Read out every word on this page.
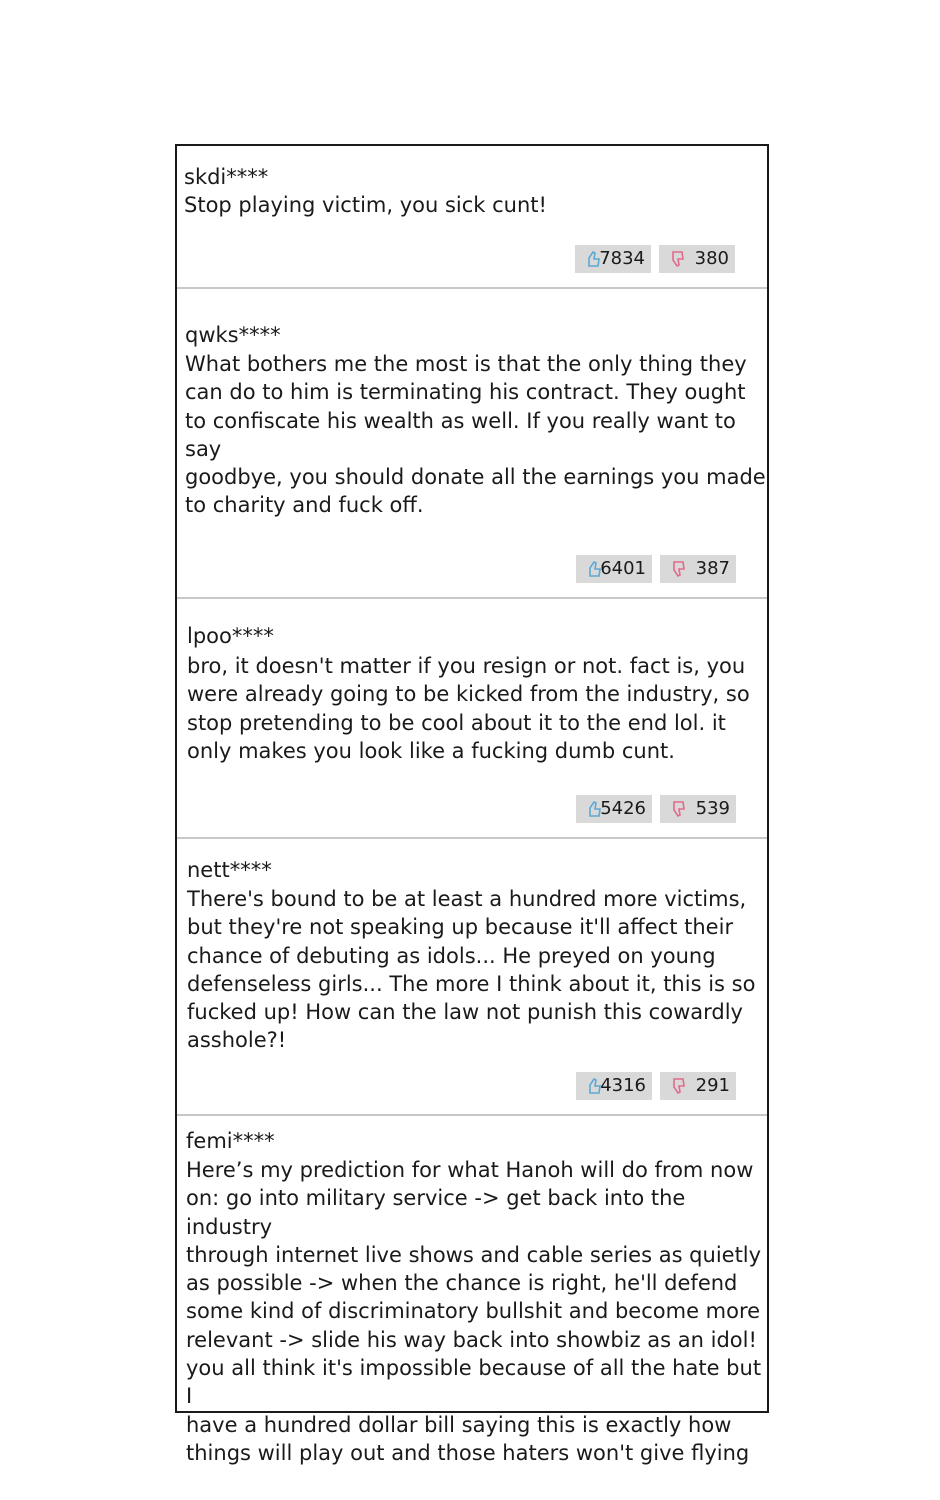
skdi****
Stop playing victim, you sick cunt!
7834	380
qwks****
What bothers me the most is that the only thing they
can do to him is terminating his contract. They ought
to confiscate his wealth as well. If you really want to say
goodbye, you should donate all the earnings you made
to charity and fuck off.
6401	387
lpoo****
bro, it doesn't matter if you resign or not. fact is, you
were already going to be kicked from the industry, so
stop pretending to be cool about it to the end lol. it
only makes you look like a fucking dumb cunt.
5426	539
nett****
There's bound to be at least a hundred more victims,
but they're not speaking up because it'll affect their
chance of debuting as idols... He preyed on young
defenseless girls... The more I think about it, this is so
fucked up! How can the law not punish this cowardly
asshole?!
4316	291
femi****
Here’s my prediction for what Hanoh will do from now
on: go into military service -> get back into the industry
through internet live shows and cable series as quietly
as possible -> when the chance is right, he'll defend
some kind of discriminatory bullshit and become more
relevant -> slide his way back into showbiz as an idol!
you all think it's impossible because of all the hate but I
have a hundred dollar bill saying this is exactly how
things will play out and those haters won't give flying
